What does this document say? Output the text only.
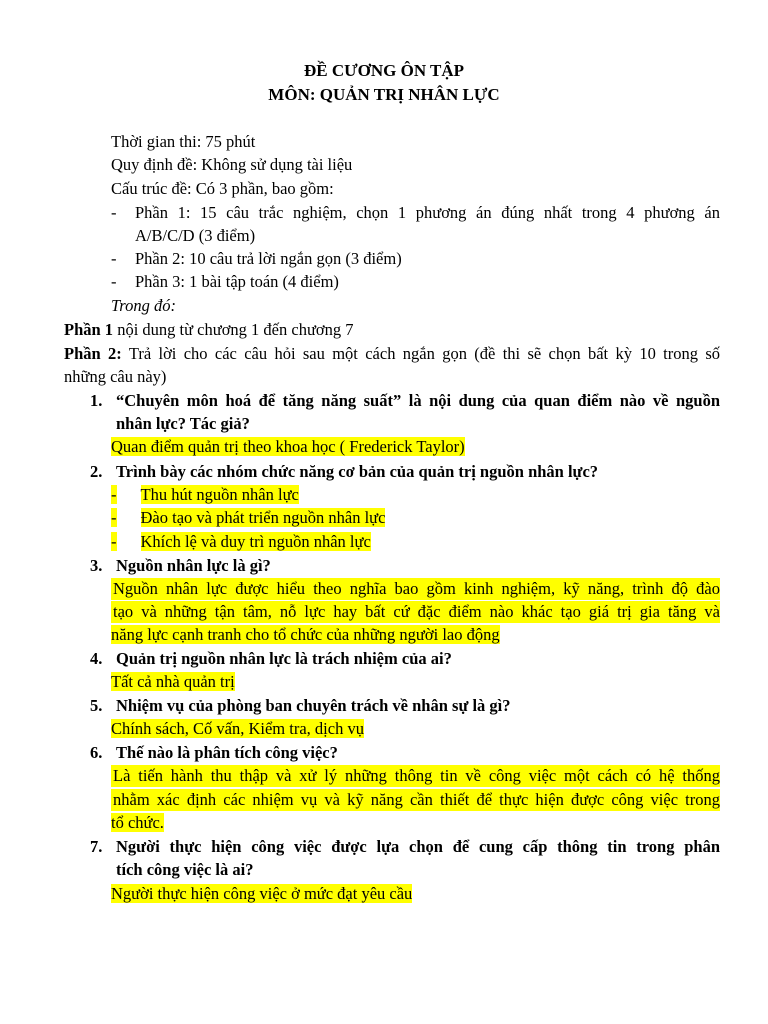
ĐỀ CƯƠNG ÔN TẬP
MÔN: QUẢN TRỊ NHÂN LỰC
Thời gian thi: 75 phút
Quy định đề: Không sử dụng tài liệu
Cấu trúc đề: Có 3 phần, bao gồm:
- Phần 1: 15 câu trắc nghiệm, chọn 1 phương án đúng nhất trong 4 phương án
A/B/C/D (3 điểm)
- Phần 2: 10 câu trả lời ngắn gọn (3 điểm)
- Phần 3: 1 bài tập toán (4 điểm)
Trong đó:
Phần 1 nội dung từ chương 1 đến chương 7
Phần 2: Trả lời cho các câu hỏi sau một cách ngắn gọn (đề thi sẽ chọn bất kỳ 10 trong số
những câu này)
1. “Chuyên môn hoá để tăng năng suất” là nội dung của quan điểm nào về nguồn
nhân lực? Tác giả?
Quan điểm quản trị theo khoa học ( Frederick Taylor)
2. Trình bày các nhóm chức năng cơ bản của quản trị nguồn nhân lực?
- Thu hút nguồn nhân lực
- Đào tạo và phát triển nguồn nhân lực
- Khích lệ và duy trì nguồn nhân lực
3. Nguồn nhân lực là gì?
Nguồn nhân lực được hiểu theo nghĩa bao gồm kinh nghiệm, kỹ năng, trình độ đào
tạo và những tận tâm, nỗ lực hay bất cứ đặc điểm nào khác tạo giá trị gia tăng và
năng lực cạnh tranh cho tổ chức của những người lao động
4. Quản trị nguồn nhân lực là trách nhiệm của ai?
Tất cả nhà quản trị
5. Nhiệm vụ của phòng ban chuyên trách về nhân sự là gì?
Chính sách, Cố vấn, Kiểm tra, dịch vụ
6. Thế nào là phân tích công việc?
Là tiến hành thu thập và xử lý những thông tin về công việc một cách có hệ thống
nhằm xác định các nhiệm vụ và kỹ năng cần thiết để thực hiện được công việc trong
tổ chức.
7. Người thực hiện công việc được lựa chọn để cung cấp thông tin trong phân
tích công việc là ai?
Người thực hiện công việc ở mức đạt yêu cầu
